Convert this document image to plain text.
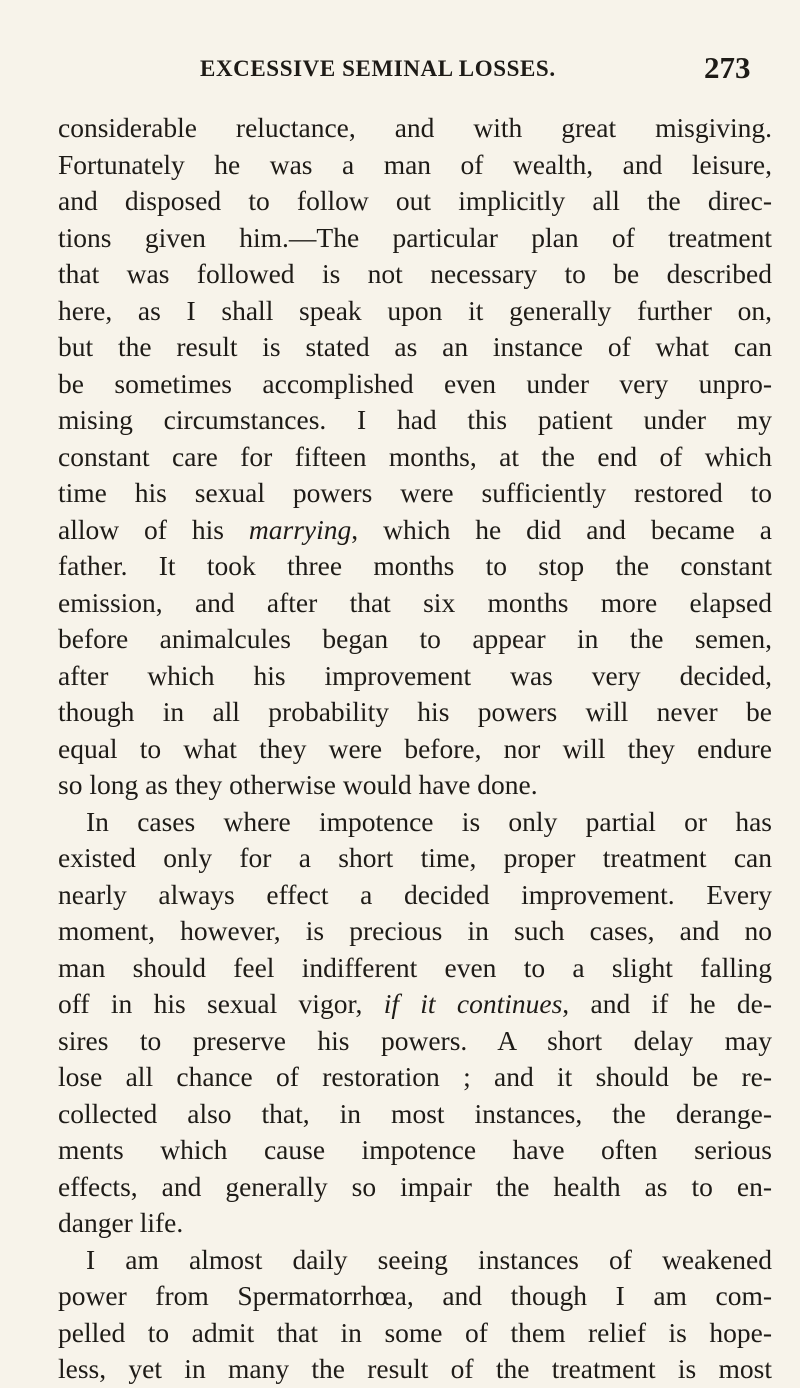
EXCESSIVE SEMINAL LOSSES.	273
considerable reluctance, and with great misgiving.
Fortunately he was a man of wealth, and leisure,
and disposed to follow out implicitly all the direc-
tions given him.—The particular plan of treatment
that was followed is not necessary to be described
here, as I shall speak upon it generally further on,
but the result is stated as an instance of what can
be sometimes accomplished even under very unpro-
mising circumstances. I had this patient under my
constant care for fifteen months, at the end of which
time his sexual powers were sufficiently restored to
allow of his marrying, which he did and became a
father. It took three months to stop the constant
emission, and after that six months more elapsed
before animalcules began to appear in the semen,
after which his improvement was very decided,
though in all probability his powers will never be
equal to what they were before, nor will they endure
so long as they otherwise would have done.
In cases where impotence is only partial or has
existed only for a short time, proper treatment can
nearly always effect a decided improvement. Every
moment, however, is precious in such cases, and no
man should feel indifferent even to a slight falling
off in his sexual vigor, if it continues, and if he de-
sires to preserve his powers. A short delay may
lose all chance of restoration ; and it should be re-
collected also that, in most instances, the derange-
ments which cause impotence have often serious
effects, and generally so impair the health as to en-
danger life.
I am almost daily seeing instances of weakened
power from Spermatorrhœa, and though I am com-
pelled to admit that in some of them relief is hope-
less, yet in many the result of the treatment is most
